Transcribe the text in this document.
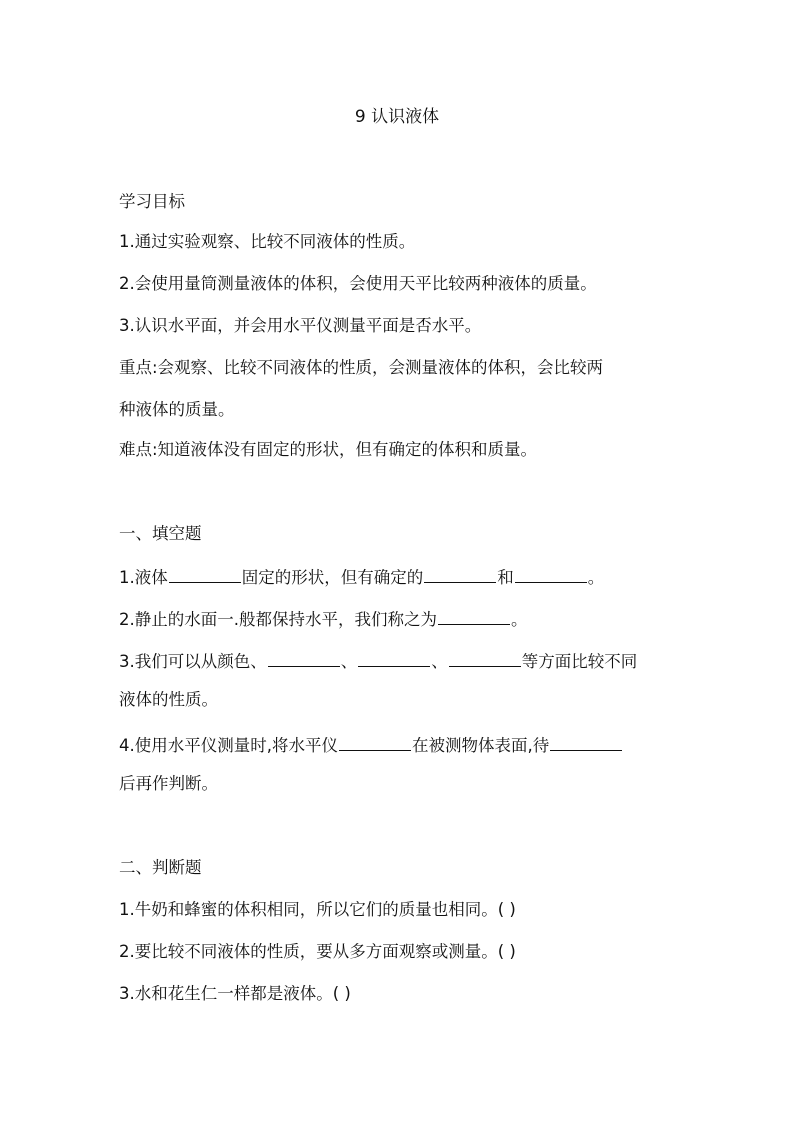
9 认识液体
学习目标
1.通过实验观察、比较不同液体的性质。
2.会使用量筒测量液体的体积，会使用天平比较两种液体的质量。
3.认识水平面，并会用水平仪测量平面是否水平。
重点:会观察、比较不同液体的性质，会测量液体的体积，会比较两
种液体的质量。
难点:知道液体没有固定的形状，但有确定的体积和质量。
一、填空题
1.液体	固定的形状，但有确定的	和	。
2.静止的水面一.般都保持水平，我们称之为	。
3.我们可以从颜色、	、	、	等方面比较不同
液体的性质。
4.使用水平仪测量时,将水平仪	在被测物体表面,待
后再作判断。
二、判断题
1.牛奶和蜂蜜的体积相同，所以它们的质量也相同。( )
2.要比较不同液体的性质，要从多方面观察或测量。( )
3.水和花生仁一样都是液体。( )
